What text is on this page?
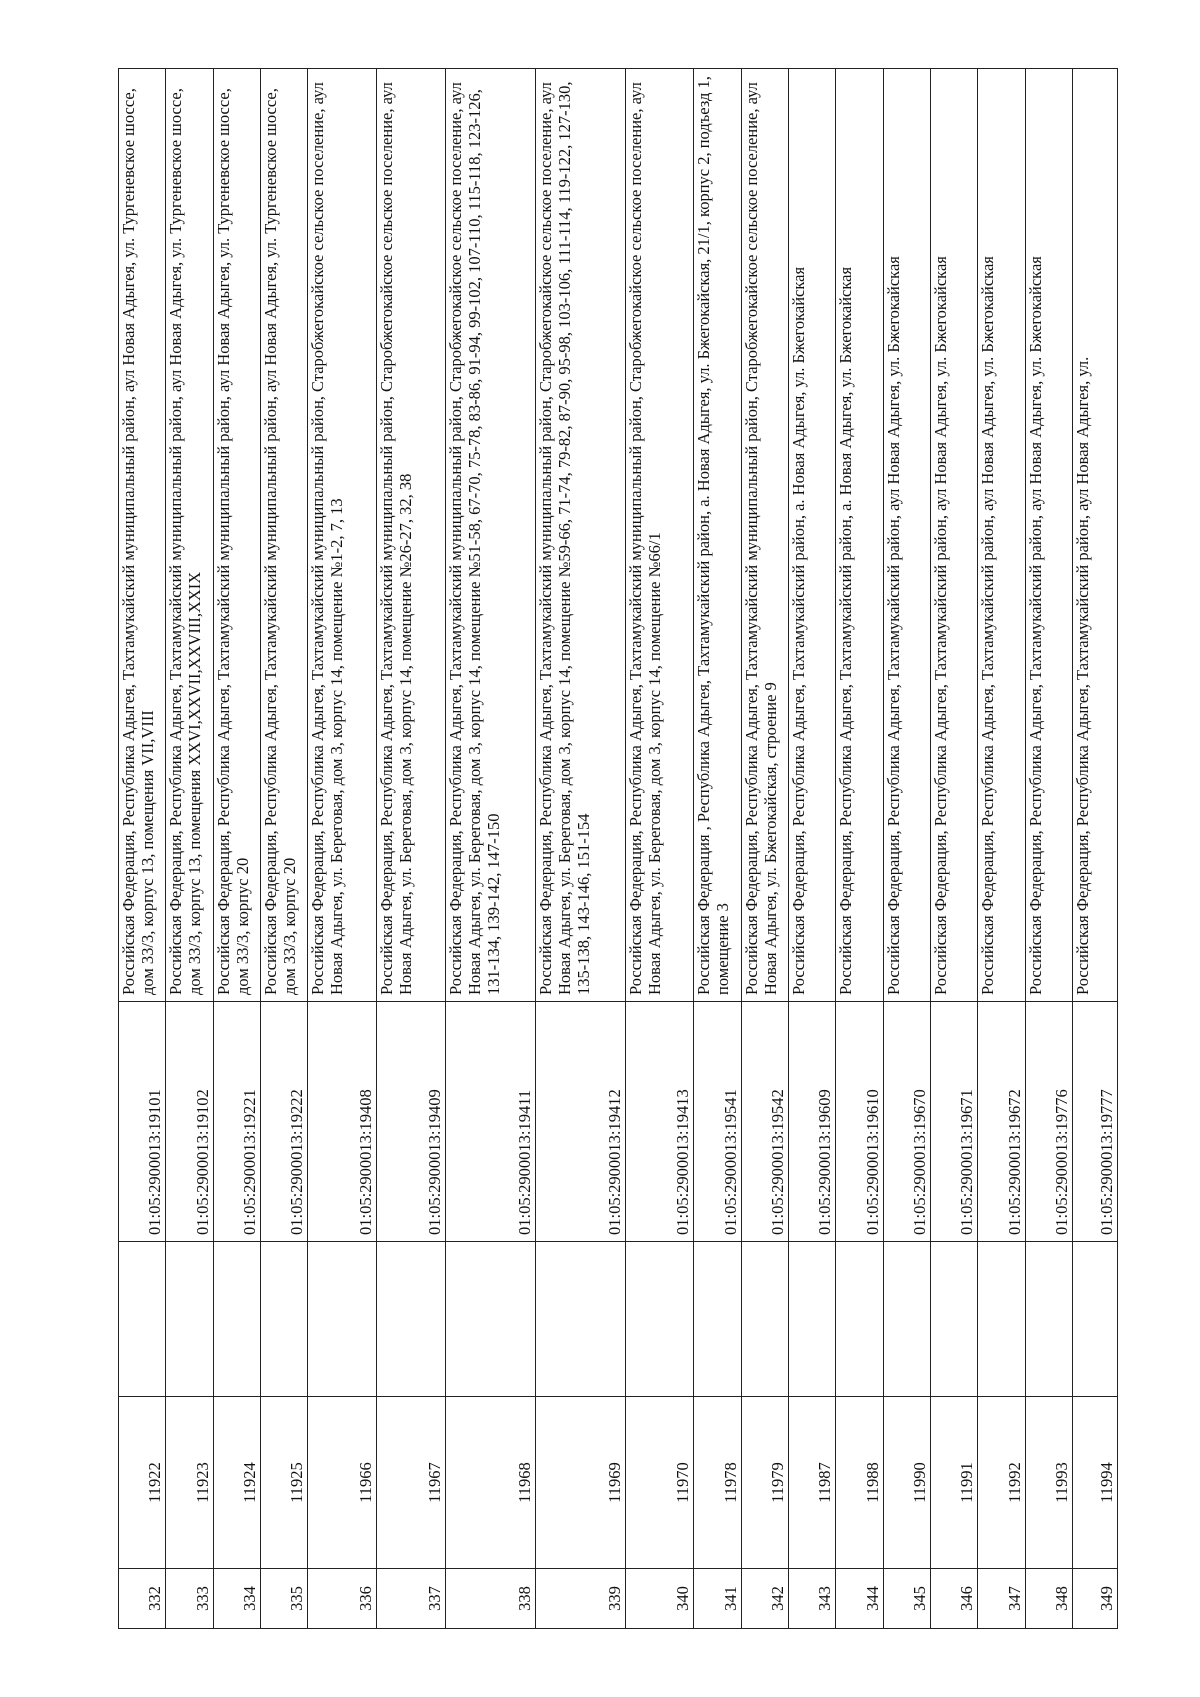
332	11922		01:05:2900013:19101	Российская Федерация, Республика Адыгея, Тахтамукайский муниципальный район, аул Новая Адыгея, ул. Тургеневское шоссе, дом 33/3, корпус 13, помещения VII,VIII
333	11923		01:05:2900013:19102	Российская Федерация, Республика Адыгея, Тахтамукайский муниципальный район, аул Новая Адыгея, ул. Тургеневское шоссе, дом 33/3, корпус 13, помещения XXVI,XXVII,XXVIII,XXIX
334	11924		01:05:2900013:19221	Российская Федерация, Республика Адыгея, Тахтамукайский муниципальный район, аул Новая Адыгея, ул. Тургеневское шоссе, дом 33/3, корпус 20
335	11925		01:05:2900013:19222	Российская Федерация, Республика Адыгея, Тахтамукайский муниципальный район, аул Новая Адыгея, ул. Тургеневское шоссе, дом 33/3, корпус 20
336	11966		01:05:2900013:19408	Российская Федерация, Республика Адыгея, Тахтамукайский муниципальный район, Старобжегокайское сельское поселение, аул Новая Адыгея, ул. Береговая, дом 3, корпус 14, помещение №1-2, 7, 13
337	11967		01:05:2900013:19409	Российская Федерация, Республика Адыгея, Тахтамукайский муниципальный район, Старобжегокайское сельское поселение, аул Новая Адыгея, ул. Береговая, дом 3, корпус 14, помещение №26-27, 32, 38
338	11968		01:05:2900013:19411	Российская Федерация, Республика Адыгея, Тахтамукайский муниципальный район, Старобжегокайское сельское поселение, аул Новая Адыгея, ул. Береговая, дом 3, корпус 14, помещение №51-58, 67-70, 75-78, 83-86, 91-94, 99-102, 107-110, 115-118, 123-126, 131-134, 139-142, 147-150
339	11969		01:05:2900013:19412	Российская Федерация, Республика Адыгея, Тахтамукайский муниципальный район, Старобжегокайское сельское поселение, аул Новая Адыгея, ул. Береговая, дом 3, корпус 14, помещение №59-66, 71-74, 79-82, 87-90, 95-98, 103-106, 111-114, 119-122, 127-130, 135-138, 143-146, 151-154
340	11970		01:05:2900013:19413	Российская Федерация, Республика Адыгея, Тахтамукайский муниципальный район, Старобжегокайское сельское поселение, аул Новая Адыгея, ул. Береговая, дом 3, корпус 14, помещение №66/1
341	11978		01:05:2900013:19541	Российская Федерация , Республика Адыгея, Тахтамукайский район, а. Новая Адыгея, ул. Бжегокайская, 21/1, корпус 2, подъезд 1, помещение 3
342	11979		01:05:2900013:19542	Российская Федерация, Республика Адыгея, Тахтамукайский муниципальный район, Старобжегокайское сельское поселение, аул Новая Адыгея, ул. Бжегокайская, строение 9
343	11987		01:05:2900013:19609	Российская Федерация, Республика Адыгея, Тахтамукайский район, а. Новая Адыгея, ул. Бжегокайская
344	11988		01:05:2900013:19610	Российская Федерация, Республика Адыгея, Тахтамукайский район, а. Новая Адыгея, ул. Бжегокайская
345	11990		01:05:2900013:19670	Российская Федерация, Республика Адыгея, Тахтамукайский район, аул Новая Адыгея, ул. Бжегокайская
346	11991		01:05:2900013:19671	Российская Федерация, Республика Адыгея, Тахтамукайский район, аул Новая Адыгея, ул. Бжегокайская
347	11992		01:05:2900013:19672	Российская Федерация, Республика Адыгея, Тахтамукайский район, аул Новая Адыгея, ул. Бжегокайская
348	11993		01:05:2900013:19776	Российская Федерация, Республика Адыгея, Тахтамукайский район, аул Новая Адыгея, ул. Бжегокайская
349	11994		01:05:2900013:19777	Российская Федерация, Республика Адыгея, Тахтамукайский район, аул Новая Адыгея, ул.
